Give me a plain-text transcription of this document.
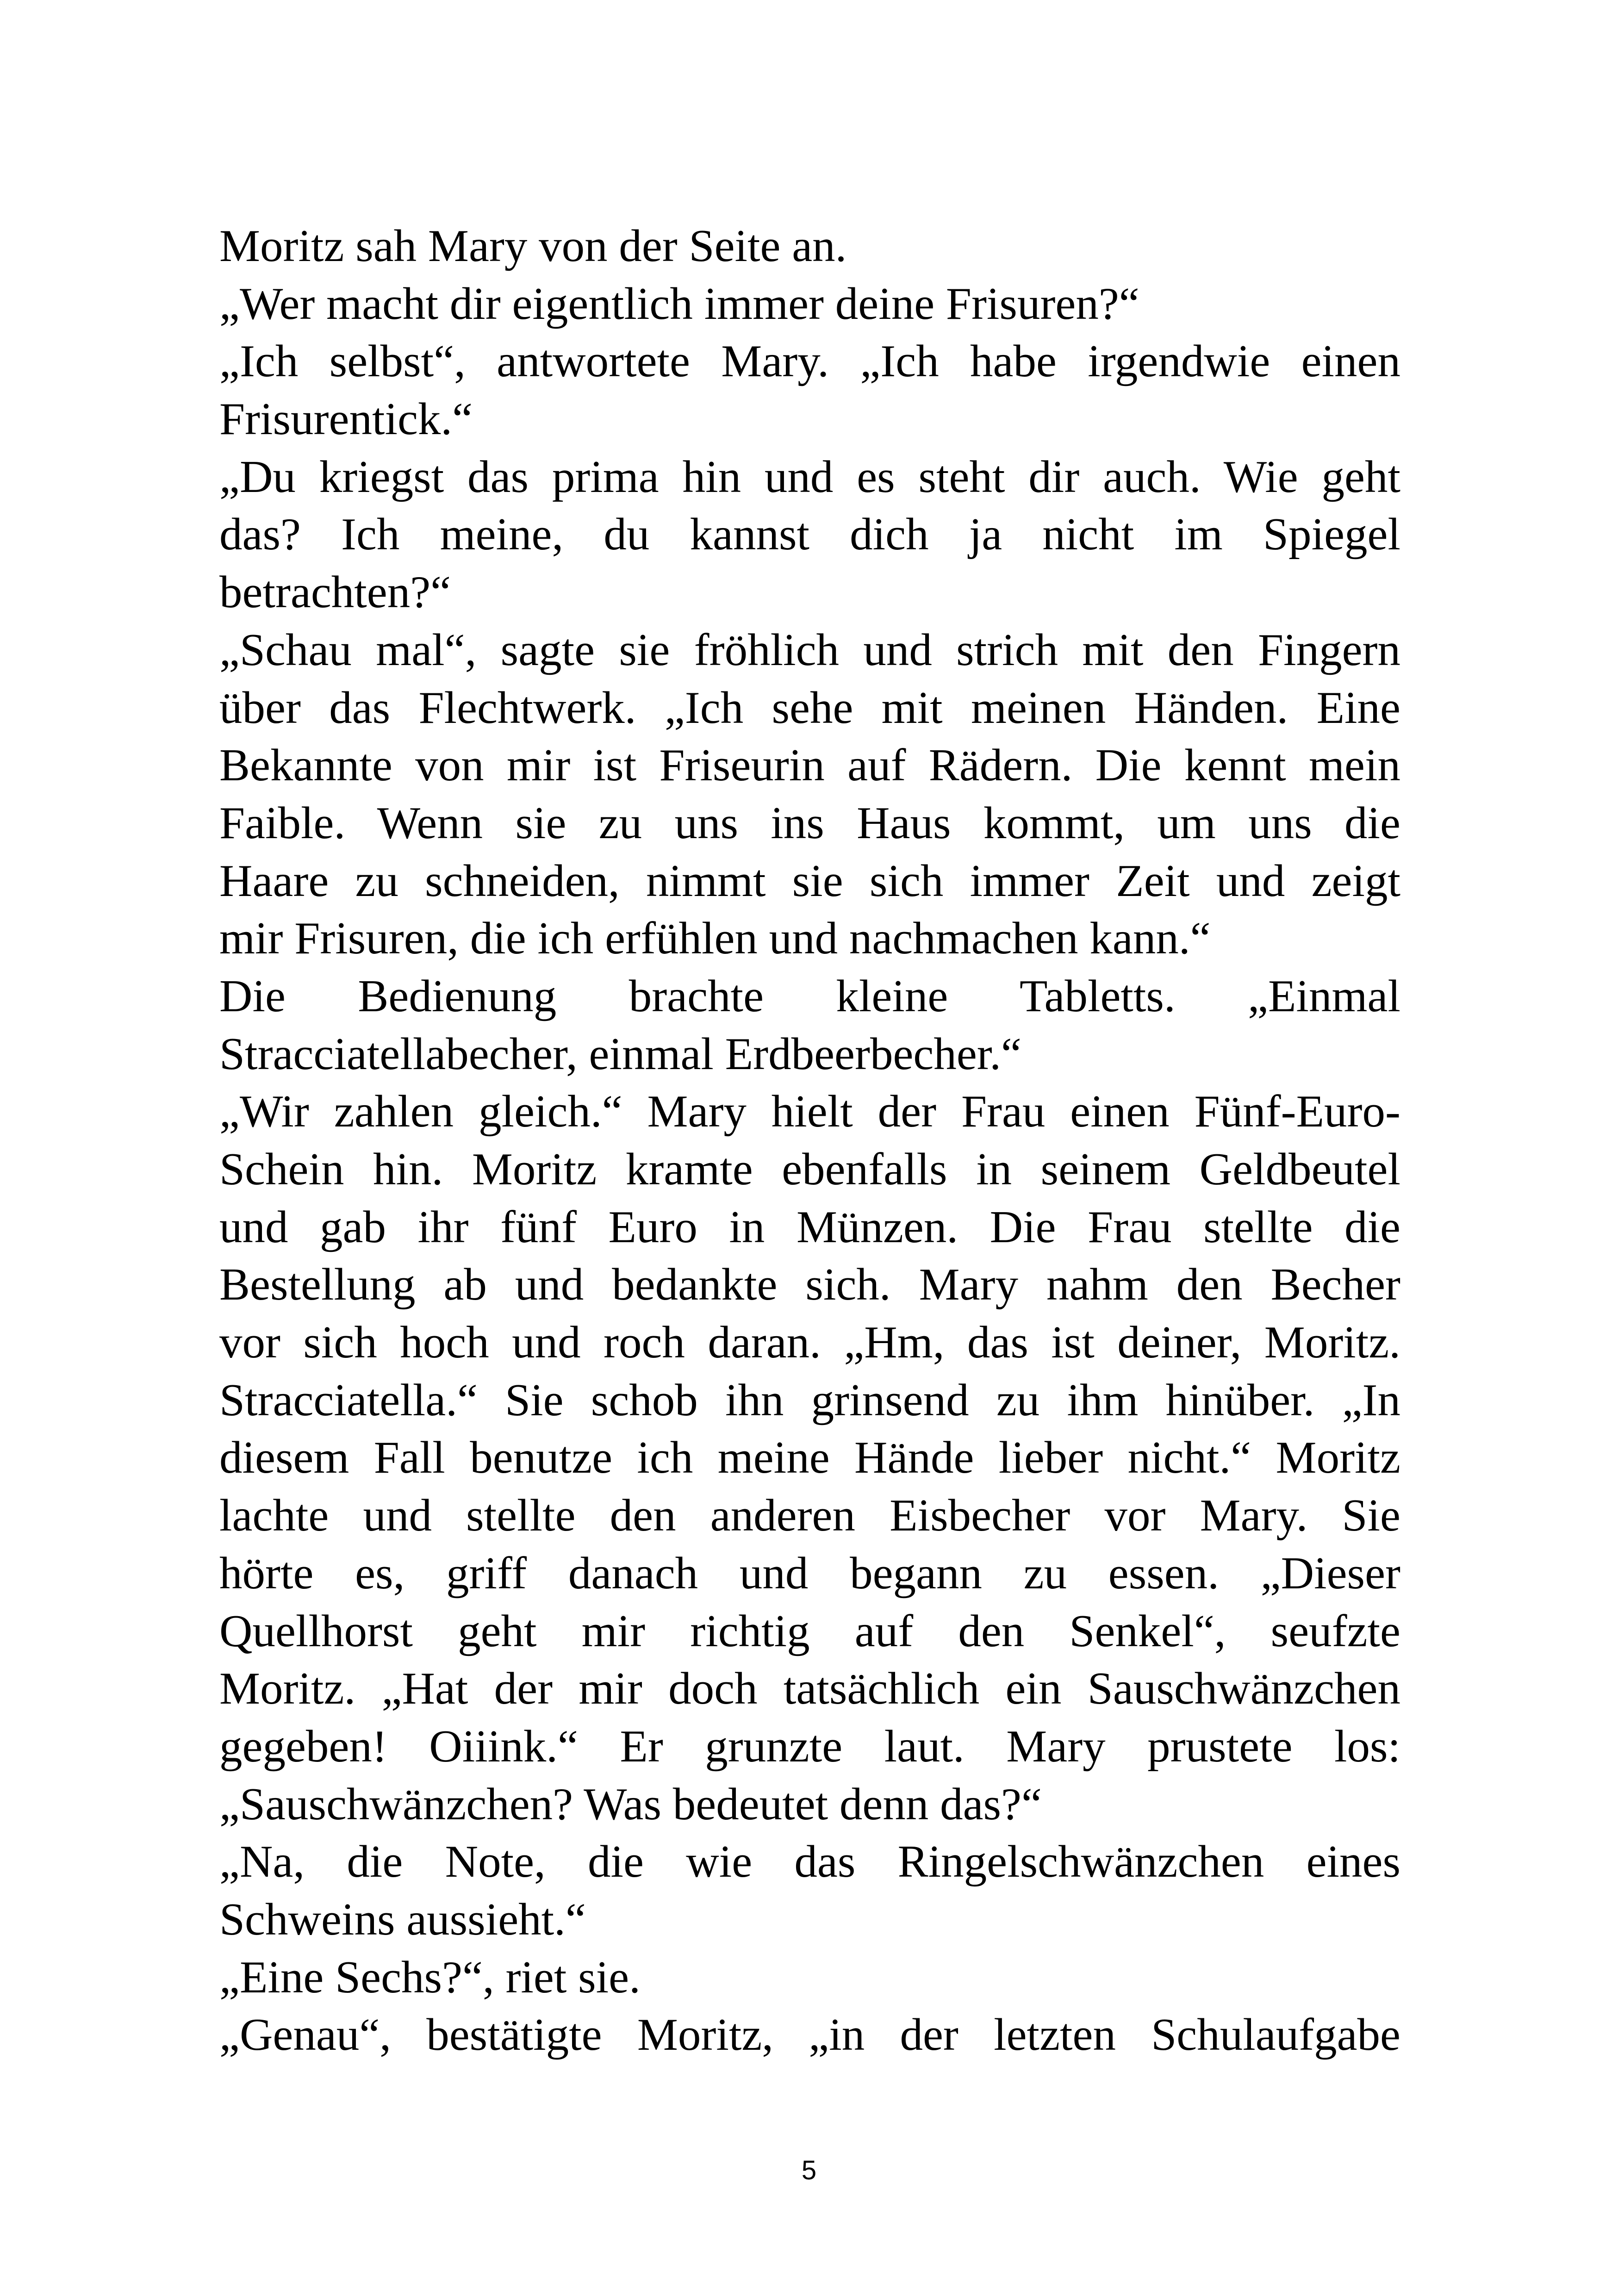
Moritz sah Mary von der Seite an.
„Wer macht dir eigentlich immer deine Frisuren?“
„Ich selbst“, antwortete Mary. „Ich habe irgendwie einen
Frisurentick.“
„Du kriegst das prima hin und es steht dir auch. Wie geht
das? Ich meine, du kannst dich ja nicht im Spiegel
betrachten?“
„Schau mal“, sagte sie fröhlich und strich mit den Fingern
über das Flechtwerk. „Ich sehe mit meinen Händen. Eine
Bekannte von mir ist Friseurin auf Rädern. Die kennt mein
Faible. Wenn sie zu uns ins Haus kommt, um uns die
Haare zu schneiden, nimmt sie sich immer Zeit und zeigt
mir Frisuren, die ich erfühlen und nachmachen kann.“
Die Bedienung brachte kleine Tabletts. „Einmal
Stracciatellabecher, einmal Erdbeerbecher.“
„Wir zahlen gleich.“ Mary hielt der Frau einen Fünf-Euro-
Schein hin. Moritz kramte ebenfalls in seinem Geldbeutel
und gab ihr fünf Euro in Münzen. Die Frau stellte die
Bestellung ab und bedankte sich. Mary nahm den Becher
vor sich hoch und roch daran. „Hm, das ist deiner, Moritz.
Stracciatella.“ Sie schob ihn grinsend zu ihm hinüber. „In
diesem Fall benutze ich meine Hände lieber nicht.“ Moritz
lachte und stellte den anderen Eisbecher vor Mary. Sie
hörte es, griff danach und begann zu essen. „Dieser
Quellhorst geht mir richtig auf den Senkel“, seufzte
Moritz. „Hat der mir doch tatsächlich ein Sauschwänzchen
gegeben! Oiiink.“ Er grunzte laut. Mary prustete los:
„Sauschwänzchen? Was bedeutet denn das?“
„Na, die Note, die wie das Ringelschwänzchen eines
Schweins aussieht.“
„Eine Sechs?“, riet sie.
„Genau“, bestätigte Moritz, „in der letzten Schulaufgabe
5
